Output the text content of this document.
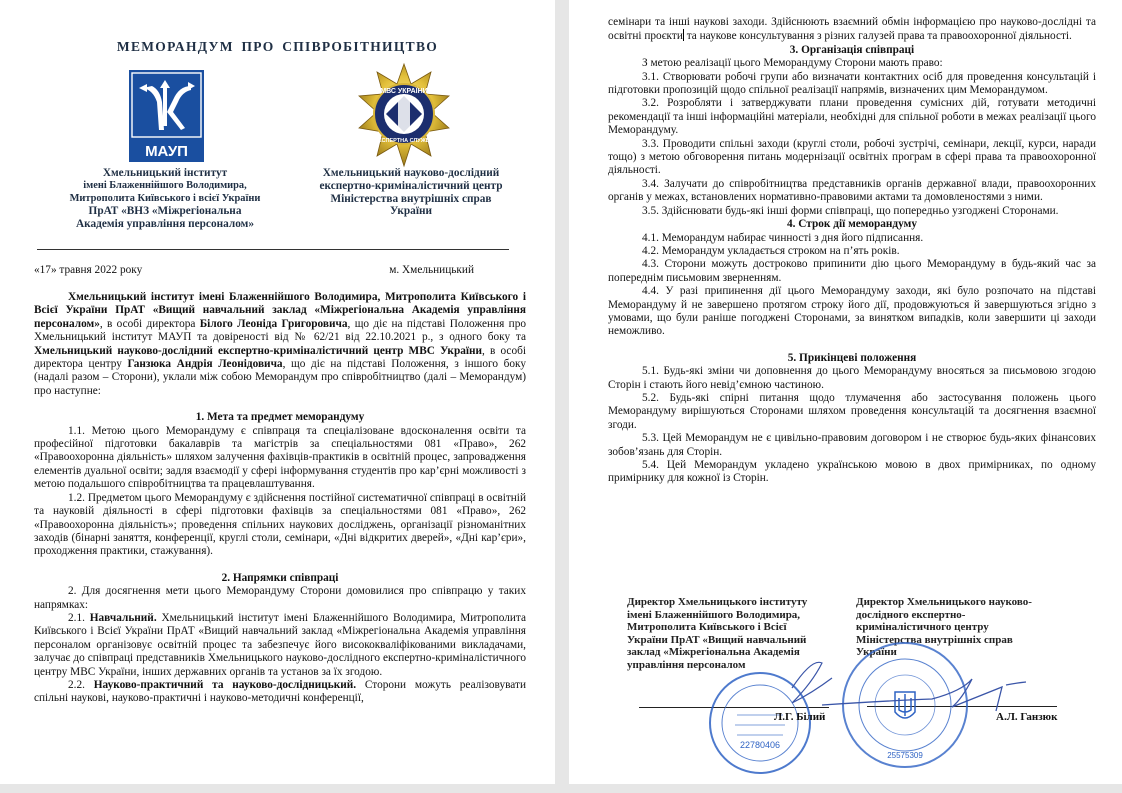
МЕМОРАНДУМ ПРО СПІВРОБІТНИЦТВО
МАУП
МВС УКРАЇНИ
ЕКСПЕРТНА СЛУЖБА
Хмельницький інститут
імені Блаженнійшого Володимира,
Митрополита Київського і всієї України
ПрАТ «ВНЗ «Міжрегіональна
Академія управління персоналом»
Хмельницький науково-дослідний
експертно-криміналістичний центр
Міністерства внутрішніх справ
України
«17» травня 2022 року	м. Хмельницький

Хмельницький інститут імені Блаженнійшого Володимира, Митрополита Київського і Всієї України ПрАТ «Вищий навчальний заклад «Міжрегіональна Академія управління персоналом», в особі директора Білого Леоніда Григоровича, що діє на підставі Положення про Хмельницький інститут МАУП та довіреності від № 62/21 від 22.10.2021 р., з одного боку та Хмельницький науково-дослідний експертно-криміналістичний центр МВС України, в особі директора центру Ганзюка Андрія Леонідовича, що діє на підставі Положення, з іншого боку (надалі разом – Сторони), уклали між собою Меморандум про співробітництво (далі – Меморандум) про наступне:

1. Мета та предмет меморандуму

1.1. Метою цього Меморандуму є співпраця та спеціалізоване вдосконалення освіти та професійної підготовки бакалаврів та магістрів за спеціальностями 081 «Право», 262 «Правоохоронна діяльність» шляхом залучення фахівців-практиків в освітній процес, запровадження елементів дуальної освіти; задля взаємодії у сфері інформування студентів про кар’єрні можливості з метою подальшого співробітництва та працевлаштування.

1.2. Предметом цього Меморандуму є здійснення постійної систематичної співпраці в освітній та науковій діяльності в сфері підготовки фахівців за спеціальностями 081 «Право», 262 «Правоохоронна діяльність»; проведення спільних наукових досліджень, організації різноманітних заходів (бінарні заняття, конференції, круглі столи, семінари, «Дні відкритих дверей», «Дні кар’єри», проходження практики, стажування).

2. Напрямки співпраці

2. Для досягнення мети цього Меморандуму Сторони домовилися про співпрацю у таких напрямках:

2.1. Навчальний. Хмельницький інститут імені Блаженнійшого Володимира, Митрополита Київського і Всієї України ПрАТ «Вищий навчальний заклад «Міжрегіональна Академія управління персоналом організовує освітній процес та забезпечує його висококваліфікованими викладачами, залучає до співпраці представників Хмельницького науково-дослідного експертно-криміналістичного центру МВС України, інших державних органів та установ за їх згодою.

2.2. Науково-практичний та науково-дослідницький. Сторони можуть реалізовувати спільні наукові, науково-практичні і науково-методичні конференції,

семінари та інші наукові заходи. Здійснюють взаємний обмін інформацією про науково-дослідні та освітні проєкти та наукове консультування з різних галузей права та правоохоронної діяльності.

3. Організація співпраці

З метою реалізації цього Меморандуму Сторони мають право:

3.1. Створювати робочі групи або визначати контактних осіб для проведення консультацій і підготовки пропозицій щодо спільної реалізації напрямів, визначених цим Меморандумом.

3.2. Розробляти і затверджувати плани проведення сумісних дій, готувати методичні рекомендації та інші інформаційні матеріали, необхідні для спільної роботи в межах реалізації цього Меморандуму.

3.3. Проводити спільні заходи (круглі столи, робочі зустрічі, семінари, лекції, курси, наради тощо) з метою обговорення питань модернізації освітніх програм в сфері права та правоохоронної діяльності.

3.4. Залучати до співробітництва представників органів державної влади, правоохоронних органів у межах, встановлених нормативно-правовими актами та домовленостями з ними.

3.5. Здійснювати будь-які інші форми співпраці, що попередньо узгоджені Сторонами.

4. Строк дії меморандуму

4.1. Меморандум набирає чинності з дня його підписання.

4.2. Меморандум укладається строком на п’ять років.

4.3. Сторони можуть достроково припинити дію цього Меморандуму в будь-який час за попереднім письмовим зверненням.

4.4. У разі припинення дії цього Меморандуму заходи, які було розпочато на підставі Меморандуму й не завершено протягом строку його дії, продовжуються й завершуються згідно з умовами, що були раніше погоджені Сторонами, за винятком випадків, коли завершити ці заходи неможливо.

5. Прикінцеві положення

5.1. Будь-які зміни чи доповнення до цього Меморандуму вносяться за письмовою згодою Сторін і стають його невід’ємною частиною.

5.2. Будь-які спірні питання щодо тлумачення або застосування положень цього Меморандуму вирішуються Сторонами шляхом проведення консультацій та досягнення взаємної згоди.

5.3. Цей Меморандум не є цивільно-правовим договором і не створює будь-яких фінансових зобов’язань для Сторін.

5.4. Цей Меморандум укладено українською мовою в двох примірниках, по одному примірнику для кожної із Сторін.

Директор Хмельницького інституту
імені Блаженнійшого Володимира,
Митрополита Київського і Всієї
України ПрАТ «Вищий навчальний
заклад «Міжрегіональна Академія
управління персоналом
Директор Хмельницького науково-
дослідного експертно-
криміналістичного центру
Міністерства внутрішніх справ
України
22780406
25575309
Л.Г. Білий	А.Л. Ганзюк
